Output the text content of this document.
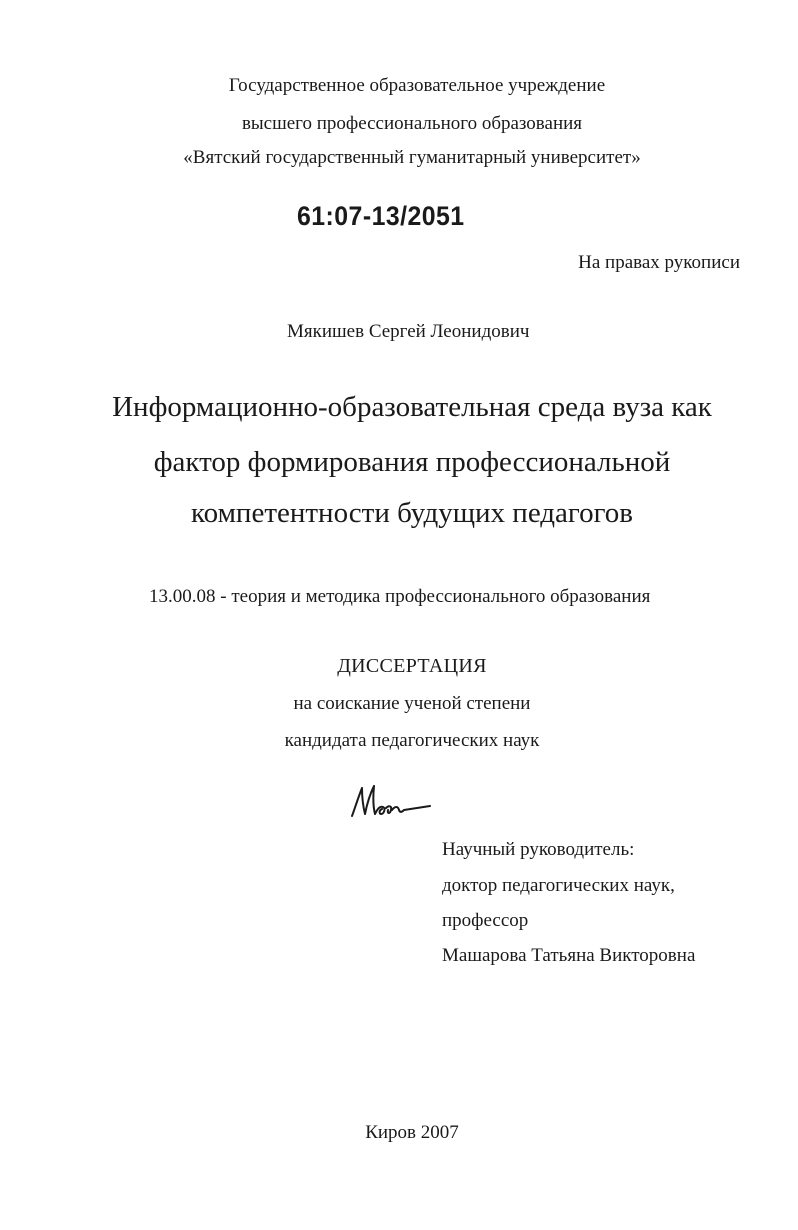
Государственное образовательное учреждение
высшего профессионального образования
«Вятский государственный гуманитарный университет»
61:07-13/2051
На правах рукописи
Мякишев Сергей Леонидович
Информационно-образовательная среда вуза как
фактор формирования профессиональной
компетентности будущих педагогов
13.00.08 - теория и методика профессионального образования
ДИССЕРТАЦИЯ
на соискание ученой степени
кандидата педагогических наук
Научный руководитель:
доктор педагогических наук,
профессор
Машарова Татьяна Викторовна
Киров 2007
